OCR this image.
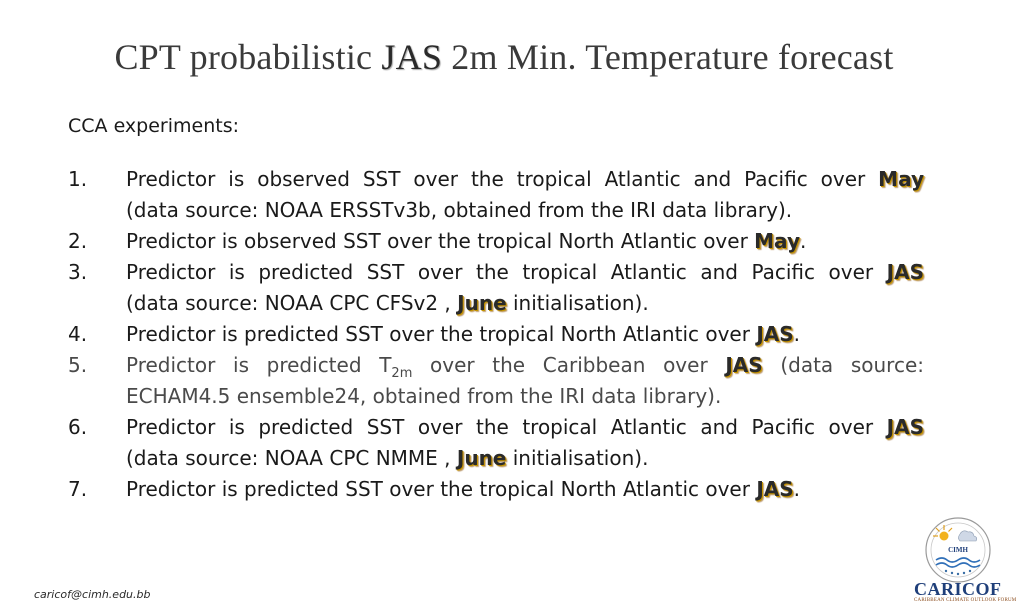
CPT probabilistic JAS 2m Min. Temperature forecast
CCA experiments:
1.	Predictor is observed SST over the tropical Atlantic and Pacific over May
(data source: NOAA ERSSTv3b, obtained from the IRI data library).
2.	Predictor is observed SST over the tropical North Atlantic over May.
3.	Predictor is predicted SST over the tropical Atlantic and Pacific over JAS
(data source: NOAA CPC CFSv2 , June initialisation).
4.	Predictor is predicted SST over the tropical North Atlantic over JAS.
5.	Predictor is predicted $T_{2m}$ over the Caribbean over JAS (data source:
ECHAM4.5 ensemble24, obtained from the IRI data library).
6.	Predictor is predicted SST over the tropical Atlantic and Pacific over JAS
(data source: NOAA CPC NMME , June initialisation).
7.	Predictor is predicted SST over the tropical North Atlantic over JAS.
caricof@cimh.edu.bb
CIMH
CARICOF
CARIBBEAN CLIMATE OUTLOOK FORUM
